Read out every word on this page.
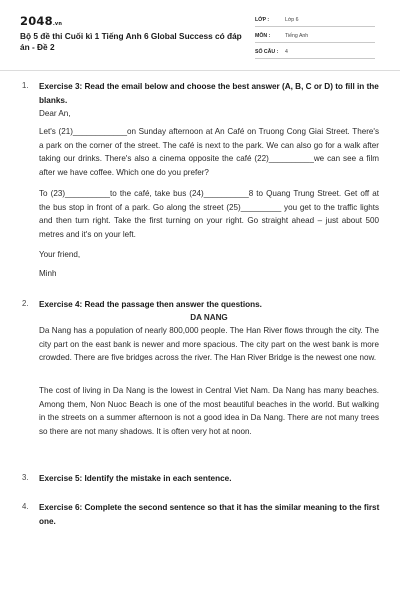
2048.vn
Bộ 5 đề thi Cuối kì 1 Tiếng Anh 6 Global Success có đáp án - Đề 2
LỚP :	Lớp 6
MÔN :	Tiếng Anh
SỐ CÂU : 4
1. Exercise 3: Read the email below and choose the best answer (A, B, C or D) to fill in the blanks.
Dear An,
Let's (21)____________on Sunday afternoon at An Café on Truong Cong Giai Street. There's a park on the corner of the street. The café is next to the park. We can also go for a walk after taking our drinks. There's also a cinema opposite the café (22)__________we can see a film after we have coffee. Which one do you prefer?
To (23)__________to the café, take bus (24)__________8 to Quang Trung Street. Get off at the bus stop in front of a park. Go along the street (25)_________ you get to the traffic lights and then turn right. Take the first turning on your right. Go straight ahead – just about 500 metres and it's on your left.
Your friend,
Minh
2. Exercise 4: Read the passage then answer the questions.
DA NANG
Da Nang has a population of nearly 800,000 people. The Han River flows through the city. The city part on the east bank is newer and more spacious. The city part on the west bank is more crowded. There are five bridges across the river. The Han River Bridge is the newest one now.
The cost of living in Da Nang is the lowest in Central Viet Nam. Da Nang has many beaches. Among them, Non Nuoc Beach is one of the most beautiful beaches in the world. But walking in the streets on a summer afternoon is not a good idea in Da Nang. There are not many trees so there are not many shadows. It is often very hot at noon.
3. Exercise 5: Identify the mistake in each sentence.
4. Exercise 6: Complete the second sentence so that it has the similar meaning to the first one.
